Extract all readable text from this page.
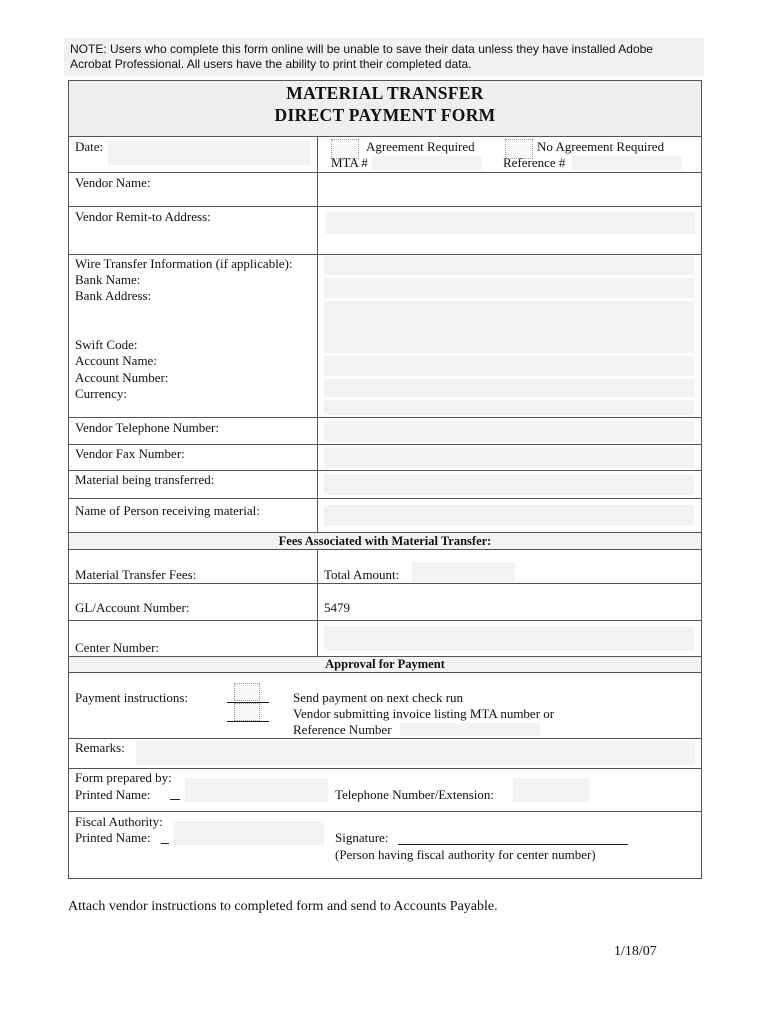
NOTE: Users who complete this form online will be unable to save their data unless they have installed Adobe
Acrobat Professional. All users have the ability to print their completed data.
MATERIAL TRANSFER
DIRECT PAYMENT FORM
Date:	Agreement Required
MTA #
No Agreement Required
Reference #
Vendor Name:
Vendor Remit-to Address:
Wire Transfer Information (if applicable):
Bank Name:
Bank Address:
Swift Code:
Account Name:
Account Number:
Currency:
Vendor Telephone Number:
Vendor Fax Number:
Material being transferred:
Name of Person receiving material:
Fees Associated with Material Transfer:
Material Transfer Fees:	Total Amount:
GL/Account Number:	5479
Center Number:
Approval for Payment
Payment instructions:	Send payment on next check run
Vendor submitting invoice listing MTA number or
Reference Number
Remarks:
Form prepared by:
Printed Name:	Telephone Number/Extension:
Fiscal Authority:
Printed Name:	Signature:
(Person having fiscal authority for center number)
Attach vendor instructions to completed form and send to Accounts Payable.
1/18/07
